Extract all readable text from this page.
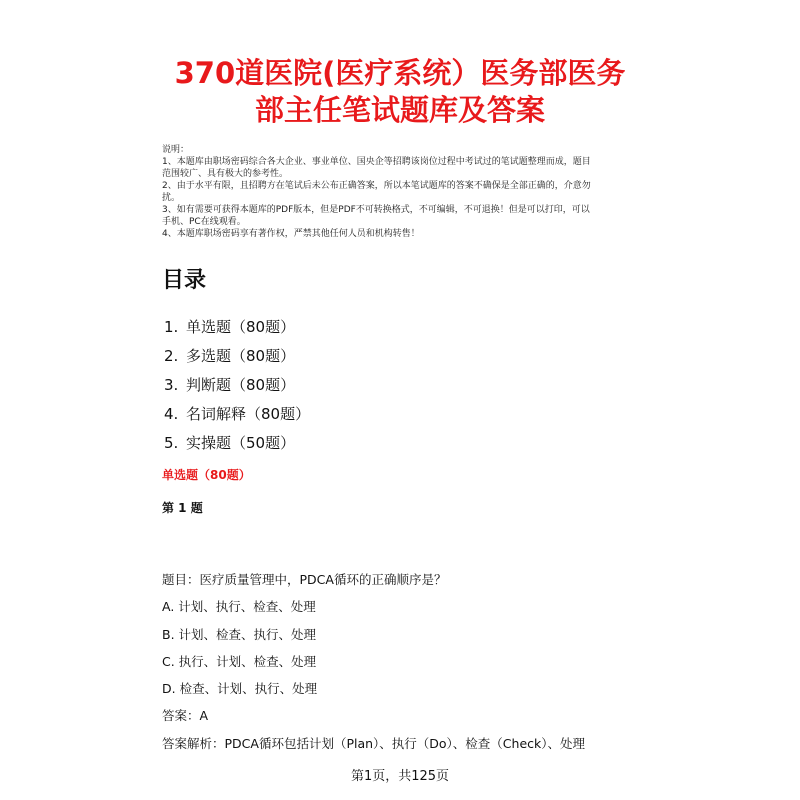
370道医院(医疗系统）医务部医务
部主任笔试题库及答案
说明：
1、本题库由职场密码综合各大企业、事业单位、国央企等招聘该岗位过程中考试过的笔试题整理而成，题目
范围较广、具有极大的参考性。
2、由于水平有限，且招聘方在笔试后未公布正确答案，所以本笔试题库的答案不确保是全部正确的，介意勿
扰。
3、如有需要可获得本题库的PDF版本，但是PDF不可转换格式，不可编辑，不可退换！但是可以打印，可以
手机、PC在线观看。
4、本题库职场密码享有著作权，严禁其他任何人员和机构转售！
目录
1. 单选题（80题）
2. 多选题（80题）
3. 判断题（80题）
4. 名词解释（80题）
5. 实操题（50题）
单选题（80题）
第 1 题
题目：医疗质量管理中，PDCA循环的正确顺序是？
A. 计划、执行、检查、处理
B. 计划、检查、执行、处理
C. 执行、计划、检查、处理
D. 检查、计划、执行、处理
答案：A
答案解析：PDCA循环包括计划（Plan）、执行（Do）、检查（Check）、处理
第1页，共125页
